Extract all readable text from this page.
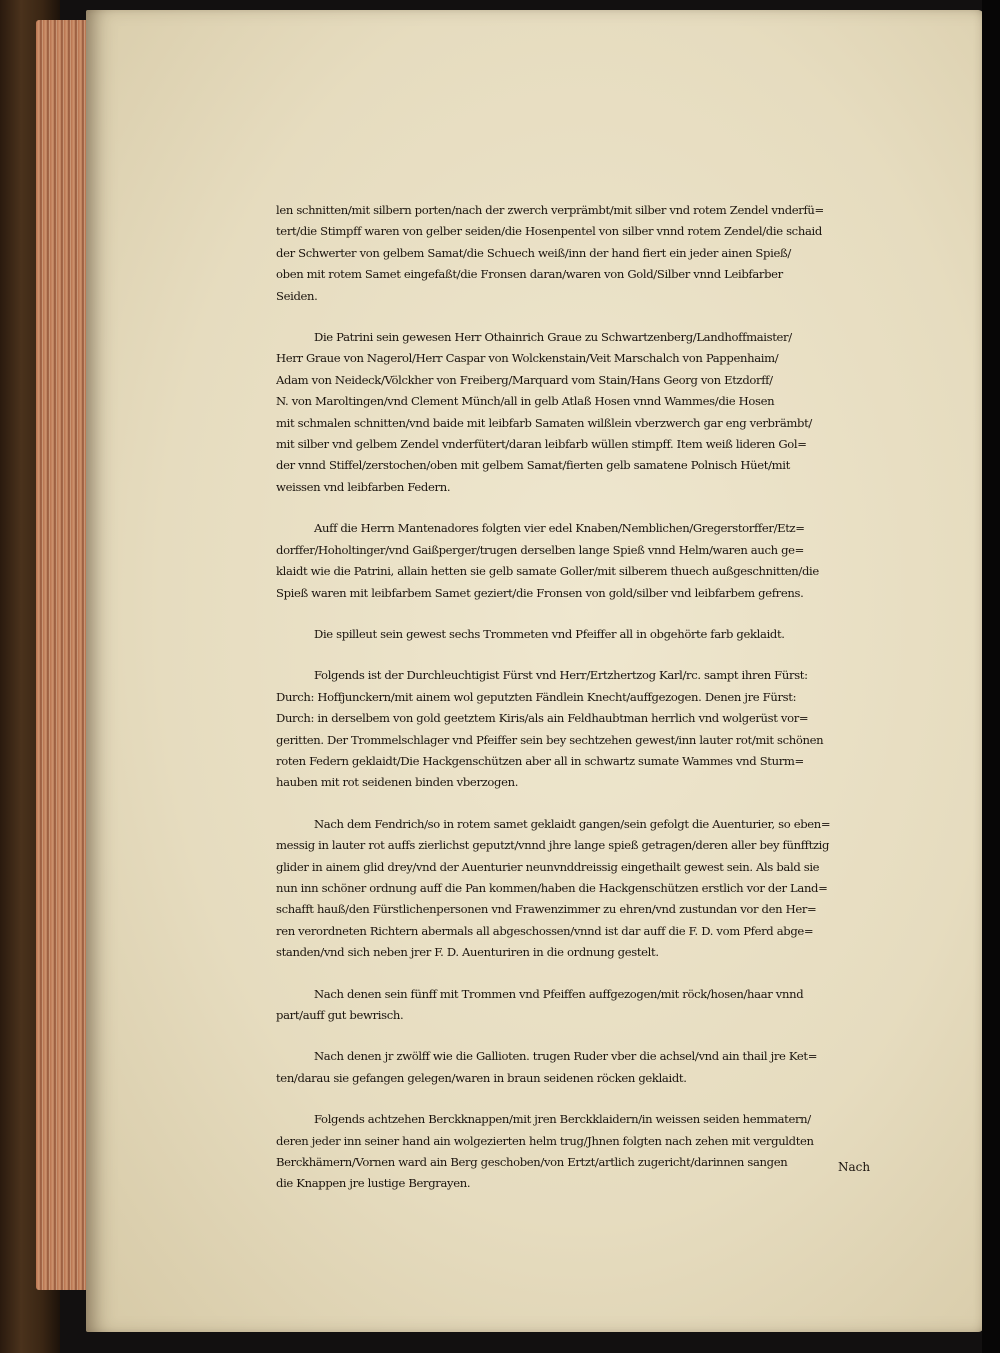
len schnitten/mit silbern porten/nach der zwerch verprämbt/mit silber vnd rotem Zendel vnderfü=
tert/die Stimpff waren von gelber seiden/die Hosenpentel von silber vnnd rotem Zendel/die schaid
der Schwerter von gelbem Samat/die Schuech weiß/inn der hand fiert ein jeder ainen Spieß/
oben mit rotem Samet eingefaßt/die Fronsen daran/waren von Gold/Silber vnnd Leibfarber
Seiden.
Die Patrini sein gewesen Herr Othainrich Graue zu Schwartzenberg/Landhoffmaister/
Herr Graue von Nagerol/Herr Caspar von Wolckenstain/Veit Marschalch von Pappenhaim/
Adam von Neideck/Völckher von Freiberg/Marquard vom Stain/Hans Georg von Etzdorff/
N. von Maroltingen/vnd Clement Münch/all in gelb Atlaß Hosen vnnd Wammes/die Hosen
mit schmalen schnitten/vnd baide mit leibfarb Samaten wilßlein vberzwerch gar eng verbrämbt/
mit silber vnd gelbem Zendel vnderfütert/daran leibfarb wüllen stimpff. Item weiß lideren Gol=
der vnnd Stiffel/zerstochen/oben mit gelbem Samat/fierten gelb samatene Polnisch Hüet/mit
weissen vnd leibfarben Federn.
Auff die Herrn Mantenadores folgten vier edel Knaben/Nemblichen/Gregerstorffer/Etz=
dorffer/Hoholtinger/vnd Gaißperger/trugen derselben lange Spieß vnnd Helm/waren auch ge=
klaidt wie die Patrini, allain hetten sie gelb samate Goller/mit silberem thuech außgeschnitten/die
Spieß waren mit leibfarbem Samet geziert/die Fronsen von gold/silber vnd leibfarbem gefrens.
Die spilleut sein gewest sechs Trommeten vnd Pfeiffer all in obgehörte farb geklaidt.
Folgends ist der Durchleuchtigist Fürst vnd Herr/Ertzhertzog Karl/rc. sampt ihren Fürst:
Durch: Hoffjunckern/mit ainem wol geputzten Fändlein Knecht/auffgezogen. Denen jre Fürst:
Durch: in derselbem von gold geetztem Kiris/als ain Feldhaubtman herrlich vnd wolgerüst vor=
geritten. Der Trommelschlager vnd Pfeiffer sein bey sechtzehen gewest/inn lauter rot/mit schönen
roten Federn geklaidt/Die Hackgenschützen aber all in schwartz sumate Wammes vnd Sturm=
hauben mit rot seidenen binden vberzogen.
Nach dem Fendrich/so in rotem samet geklaidt gangen/sein gefolgt die Auenturier, so eben=
messig in lauter rot auffs zierlichst geputzt/vnnd jhre lange spieß getragen/deren aller bey fünfftzig
glider in ainem glid drey/vnd der Auenturier neunvnddreissig eingethailt gewest sein. Als bald sie
nun inn schöner ordnung auff die Pan kommen/haben die Hackgenschützen erstlich vor der Land=
schafft hauß/den Fürstlichenpersonen vnd Frawenzimmer zu ehren/vnd zustundan vor den Her=
ren verordneten Richtern abermals all abgeschossen/vnnd ist dar auff die F. D. vom Pferd abge=
standen/vnd sich neben jrer F. D. Auenturiren in die ordnung gestelt.
Nach denen sein fünff mit Trommen vnd Pfeiffen auffgezogen/mit röck/hosen/haar vnnd
part/auff gut bewrisch.
Nach denen jr zwölff wie die Gallioten. trugen Ruder vber die achsel/vnd ain thail jre Ket=
ten/darau sie gefangen gelegen/waren in braun seidenen röcken geklaidt.
Folgends achtzehen Berckknappen/mit jren Berckklaidern/in weissen seiden hemmatern/
deren jeder inn seiner hand ain wolgezierten helm trug/Jhnen folgten nach zehen mit verguldten
Berckhämern/Vornen ward ain Berg geschoben/von Ertzt/artlich zugericht/darinnen sangen
die Knappen jre lustige Bergrayen.
Nach
